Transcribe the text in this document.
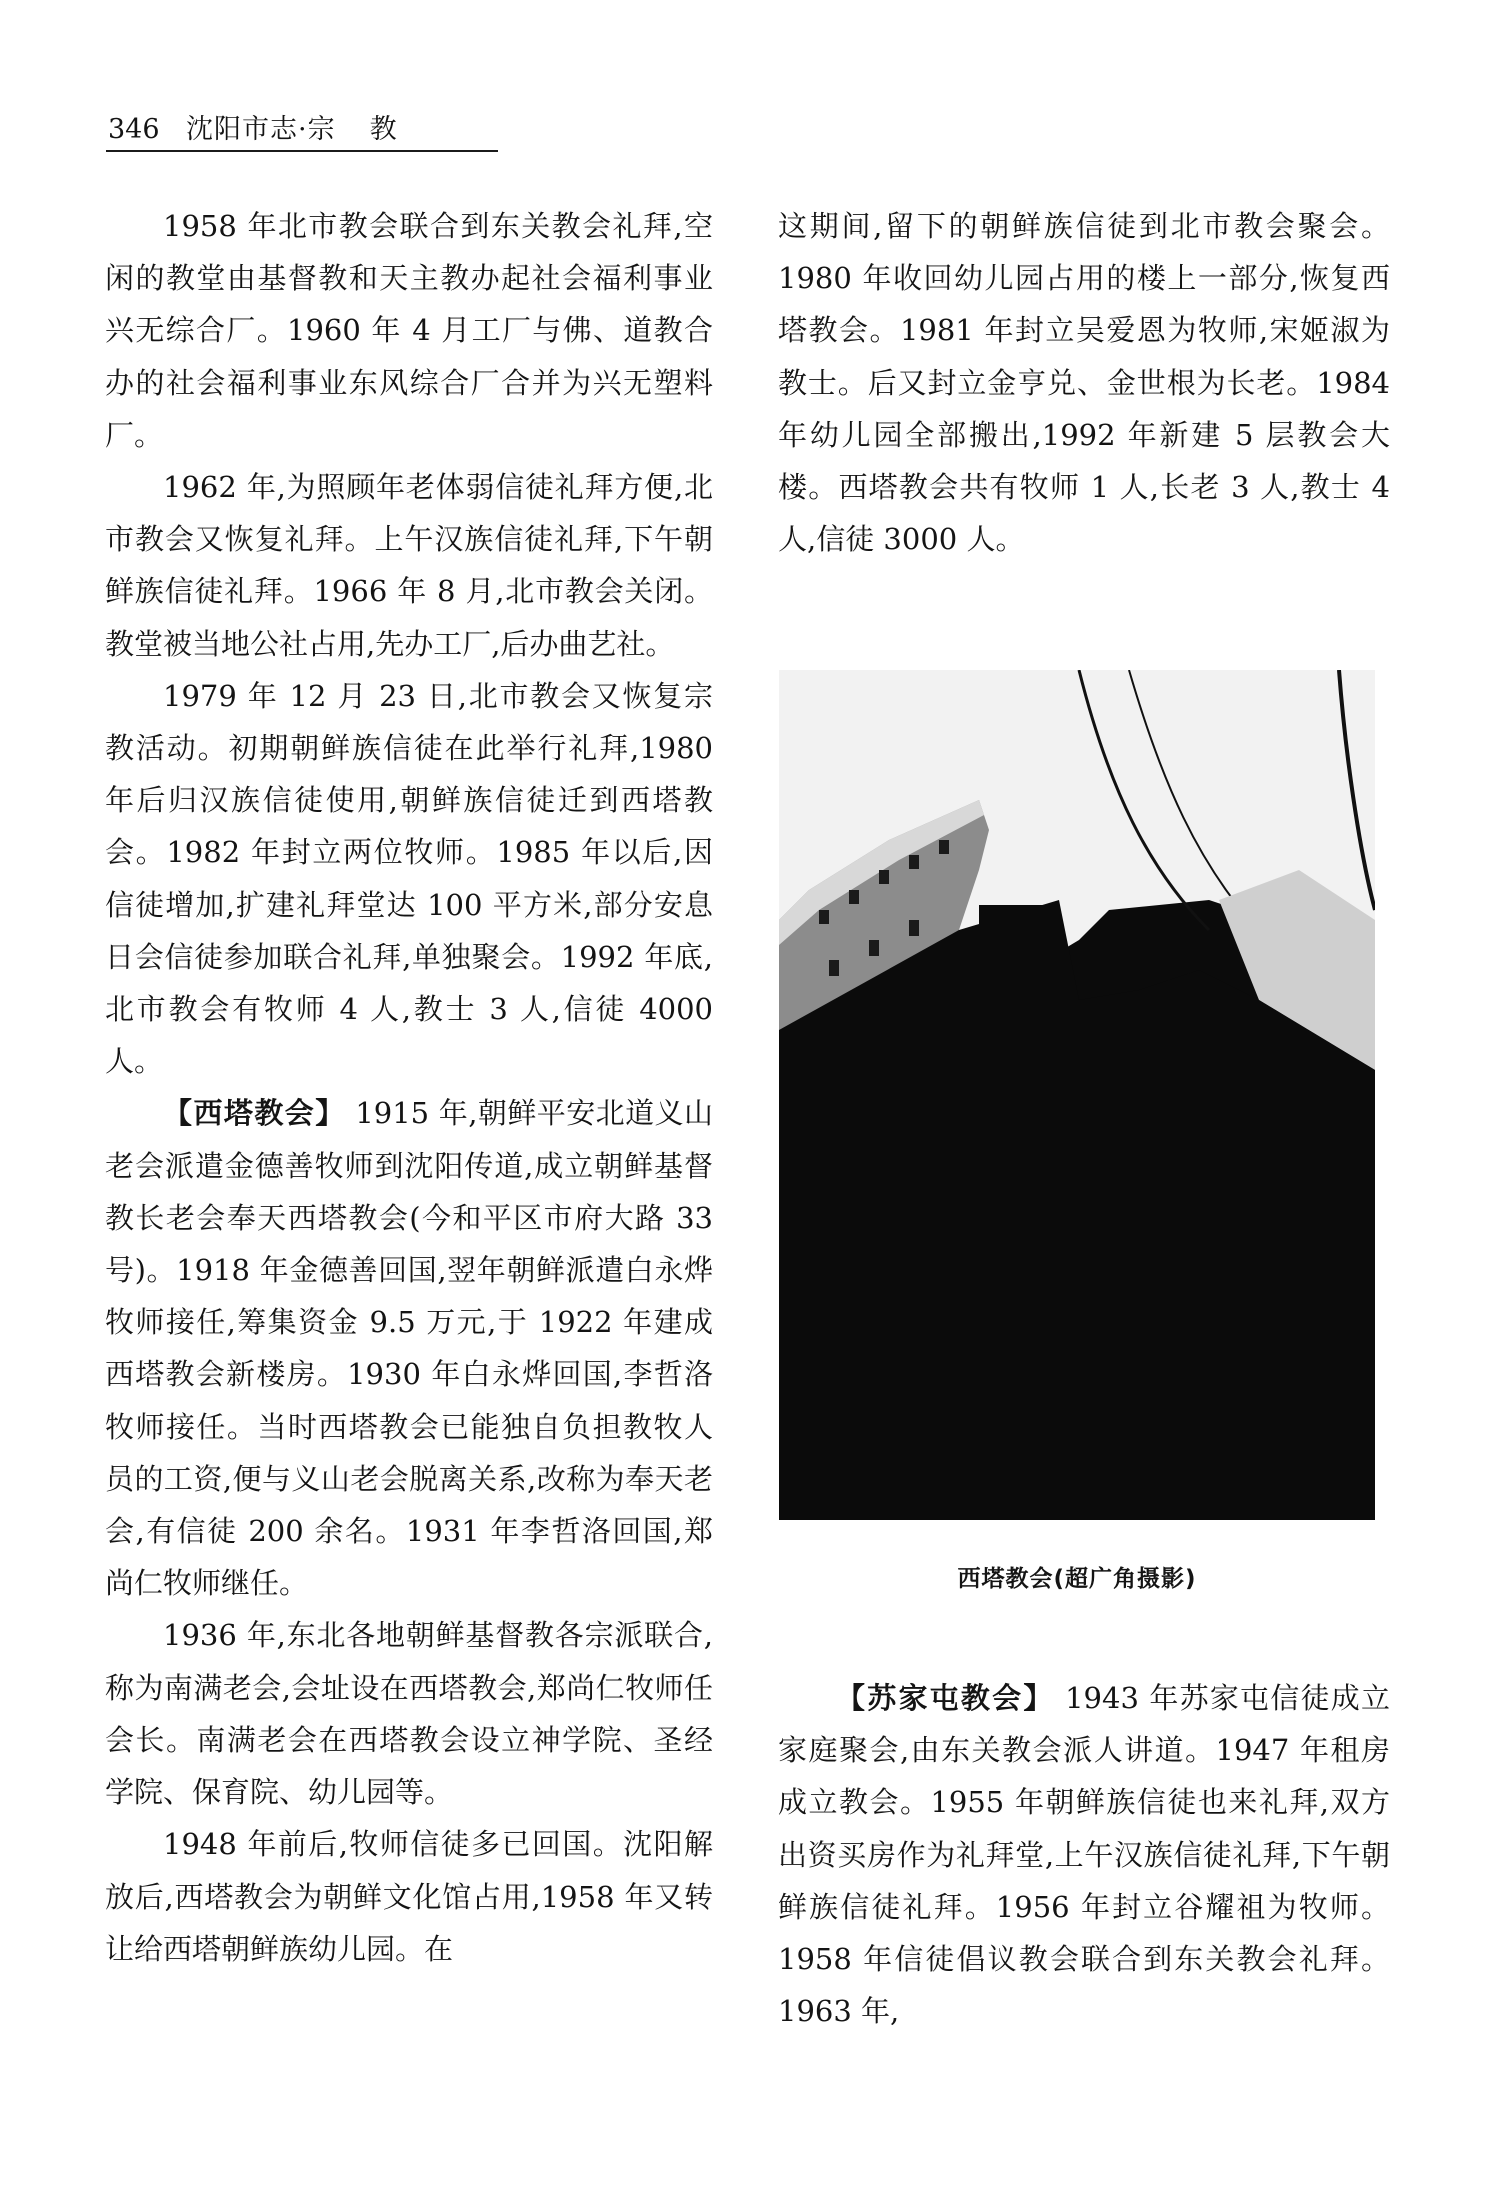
346 沈阳市志·宗 教

1958 年北市教会联合到东关教会礼拜,空闲的教堂由基督教和天主教办起社会福利事业兴无综合厂。1960 年 4 月工厂与佛、道教合办的社会福利事业东风综合厂合并为兴无塑料厂。

1962 年,为照顾年老体弱信徒礼拜方便,北市教会又恢复礼拜。上午汉族信徒礼拜,下午朝鲜族信徒礼拜。1966 年 8 月,北市教会关闭。教堂被当地公社占用,先办工厂,后办曲艺社。

1979 年 12 月 23 日,北市教会又恢复宗教活动。初期朝鲜族信徒在此举行礼拜,1980 年后归汉族信徒使用,朝鲜族信徒迁到西塔教会。1982 年封立两位牧师。1985 年以后,因信徒增加,扩建礼拜堂达 100 平方米,部分安息日会信徒参加联合礼拜,单独聚会。1992 年底,北市教会有牧师 4 人,教士 3 人,信徒 4000 人。

【西塔教会】 1915 年,朝鲜平安北道义山老会派遣金德善牧师到沈阳传道,成立朝鲜基督教长老会奉天西塔教会(今和平区市府大路 33 号)。1918 年金德善回国,翌年朝鲜派遣白永烨牧师接任,筹集资金 9.5 万元,于 1922 年建成西塔教会新楼房。1930 年白永烨回国,李哲洛牧师接任。当时西塔教会已能独自负担教牧人员的工资,便与义山老会脱离关系,改称为奉天老会,有信徒 200 余名。1931 年李哲洛回国,郑尚仁牧师继任。

1936 年,东北各地朝鲜基督教各宗派联合,称为南满老会,会址设在西塔教会,郑尚仁牧师任会长。南满老会在西塔教会设立神学院、圣经学院、保育院、幼儿园等。

1948 年前后,牧师信徒多已回国。沈阳解放后,西塔教会为朝鲜文化馆占用,1958 年又转让给西塔朝鲜族幼儿园。在

这期间,留下的朝鲜族信徒到北市教会聚会。1980 年收回幼儿园占用的楼上一部分,恢复西塔教会。1981 年封立吴爱恩为牧师,宋姬淑为教士。后又封立金亨兑、金世根为长老。1984 年幼儿园全部搬出,1992 年新建 5 层教会大楼。西塔教会共有牧师 1 人,长老 3 人,教士 4 人,信徒 3000 人。

西塔教会(超广角摄影)

【苏家屯教会】 1943 年苏家屯信徒成立家庭聚会,由东关教会派人讲道。1947 年租房成立教会。1955 年朝鲜族信徒也来礼拜,双方出资买房作为礼拜堂,上午汉族信徒礼拜,下午朝鲜族信徒礼拜。1956 年封立谷耀祖为牧师。1958 年信徒倡议教会联合到东关教会礼拜。1963 年,
